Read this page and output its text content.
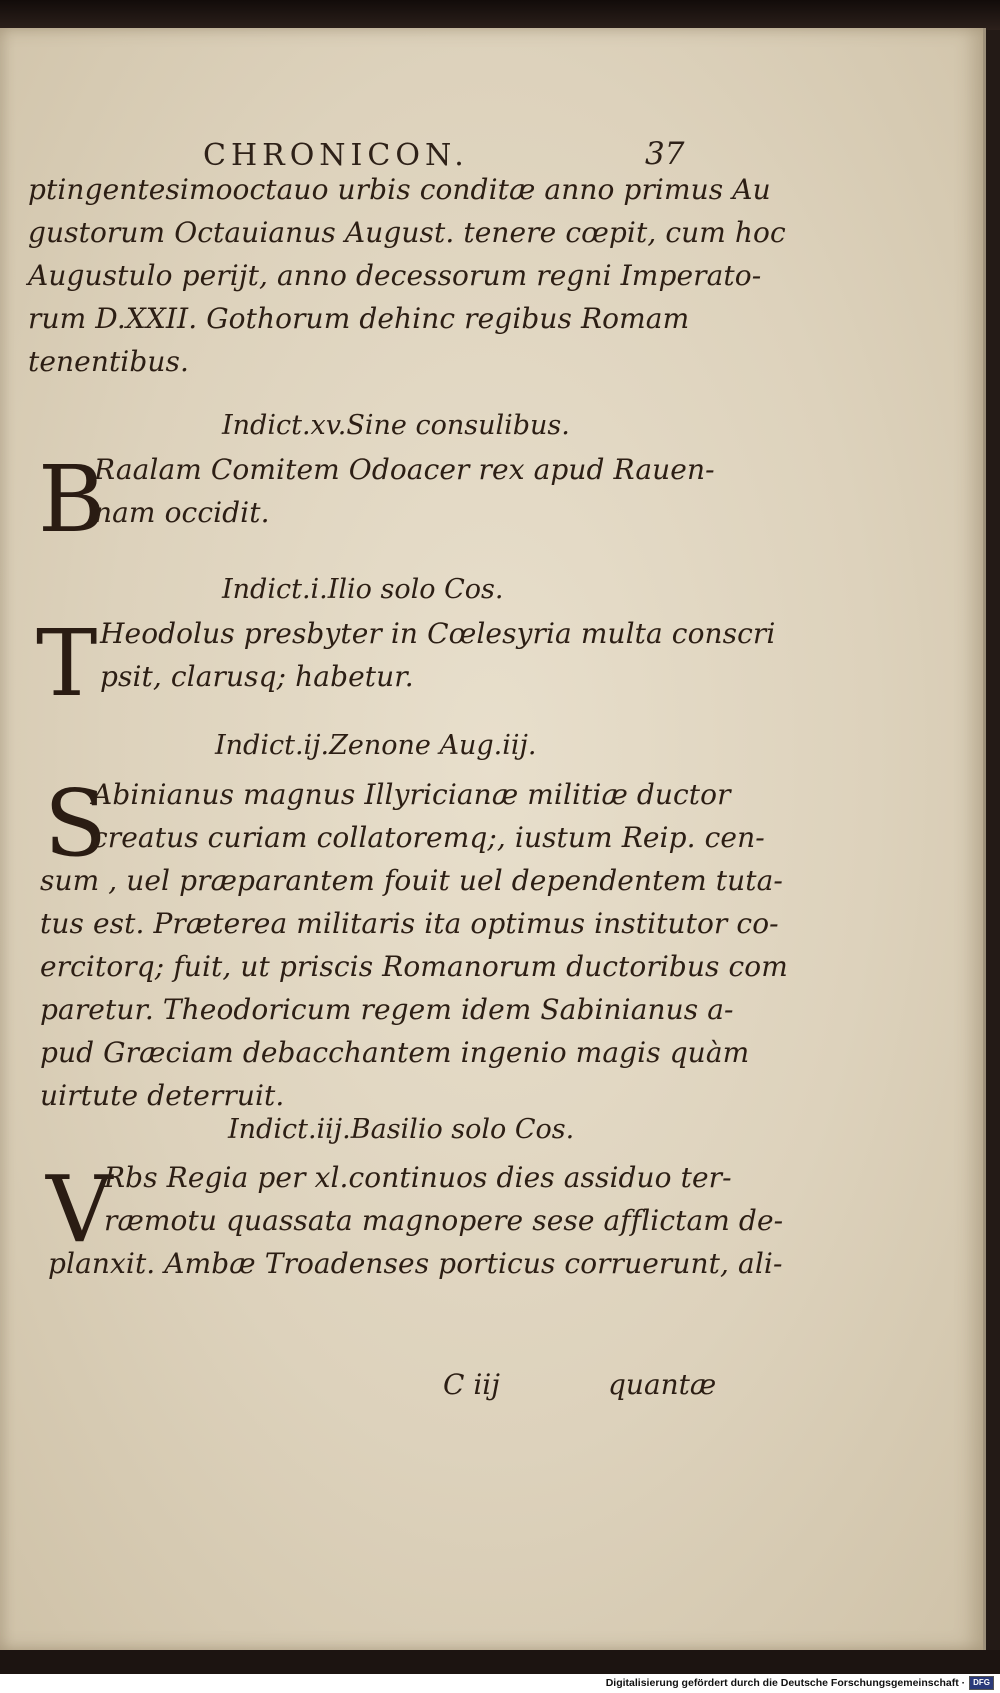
CHRONICON.	37
ptingentesimooctauo urbis conditæ anno primus Au
gustorum Octauianus August. tenere cœpit, cum hoc
Augustulo perijt, anno decessorum regni Imperato-
rum D.XXII. Gothorum dehinc regibus Romam
tenentibus.
Indict.xv.Sine consulibus.
B
Raalam Comitem Odoacer rex apud Rauen-
nam occidit.
Indict.i.Ilio solo Cos.
T Heodolus presbyter in Cœlesyria multa conscri
psit, clarusq; habetur.
Indict.ij.Zenone Aug.iij.
S
Abinianus magnus Illyricianæ militiæ ductor
creatus curiam collatoremq;, iustum Reip. cen-
sum , uel præparantem fouit uel dependentem tuta-
tus est. Præterea militaris ita optimus institutor co-
ercitorq; fuit, ut priscis Romanorum ductoribus com
paretur. Theodoricum regem idem Sabinianus a-
pud Græciam debacchantem ingenio magis quàm
uirtute deterruit.
Indict.iij.Basilio solo Cos.
V
Rbs Regia per xl.continuos dies assiduo ter-
ræmotu quassata magnopere sese afflictam de-
planxit. Ambæ Troadenses porticus corruerunt, ali-
C iij	quantæ
Digitalisierung gefördert durch die Deutsche Forschungsgemeinschaft · DFG
